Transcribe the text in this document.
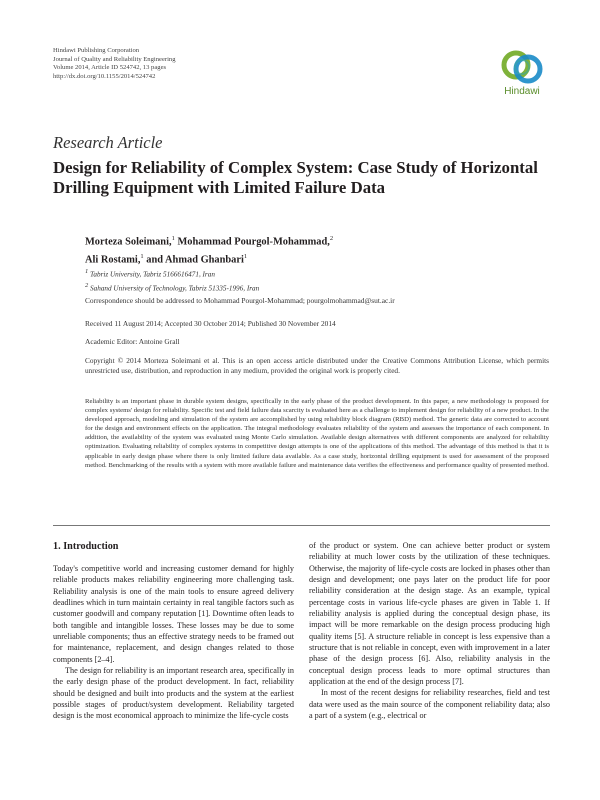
Hindawi Publishing Corporation
Journal of Quality and Reliability Engineering
Volume 2014, Article ID 524742, 13 pages
http://dx.doi.org/10.1155/2014/524742
Hindawi
Research Article
Design for Reliability of Complex System: Case Study of Horizontal Drilling Equipment with Limited Failure Data
Morteza Soleimani,$^1$ Mohammad Pourgol-Mohammad,$^2$
Ali Rostami,$^1$ and Ahmad Ghanbari$^1$
$^1$ Tabriz University, Tabriz 5166616471, Iran
$^2$ Sahand University of Technology, Tabriz 51335-1996, Iran
Correspondence should be addressed to Mohammad Pourgol-Mohammad; pourgolmohammad@sut.ac.ir
Received 11 August 2014; Accepted 30 October 2014; Published 30 November 2014
Academic Editor: Antoine Grall
Copyright © 2014 Morteza Soleimani et al. This is an open access article distributed under the Creative Commons Attribution License, which permits unrestricted use, distribution, and reproduction in any medium, provided the original work is properly cited.
Reliability is an important phase in durable system designs, specifically in the early phase of the product development. In this paper, a new methodology is proposed for complex systems' design for reliability. Specific test and field failure data scarcity is evaluated here as a challenge to implement design for reliability of a new product. In the developed approach, modeling and simulation of the system are accomplished by using reliability block diagram (RBD) method. The generic data are corrected to account for the design and environment effects on the application. The integral methodology evaluates reliability of the system and assesses the importance of each component. In addition, the availability of the system was evaluated using Monte Carlo simulation. Available design alternatives with different components are analyzed for reliability optimization. Evaluating reliability of complex systems in competitive design attempts is one of the applications of this method. The advantage of this method is that it is applicable in early design phase where there is only limited failure data available. As a case study, horizontal drilling equipment is used for assessment of the proposed method. Benchmarking of the results with a system with more available failure and maintenance data verifies the effectiveness and performance quality of presented method.
1. Introduction

Today's competitive world and increasing customer demand for highly reliable products makes reliability engineering more challenging task. Reliability analysis is one of the main tools to ensure agreed delivery deadlines which in turn maintain certainty in real tangible factors such as customer goodwill and company reputation [1]. Downtime often leads to both tangible and intangible losses. These losses may be due to some unreliable components; thus an effective strategy needs to be framed out for maintenance, replacement, and design changes related to those components [2–4].

The design for reliability is an important research area, specifically in the early design phase of the product development. In fact, reliability should be designed and built into products and the system at the earliest possible stages of product/system development. Reliability targeted design is the most economical approach to minimize the life-cycle costs

of the product or system. One can achieve better product or system reliability at much lower costs by the utilization of these techniques. Otherwise, the majority of life-cycle costs are locked in phases other than design and development; one pays later on the product life for poor reliability consideration at the design stage. As an example, typical percentage costs in various life-cycle phases are given in Table 1. If reliability analysis is applied during the conceptual design phase, its impact will be more remarkable on the design process producing high quality items [5]. A structure reliable in concept is less expensive than a structure that is not reliable in concept, even with improvement in a later phase of the design process [6]. Also, reliability analysis in the conceptual design process leads to more optimal structures than application at the end of the design process [7].

In most of the recent designs for reliability researches, field and test data were used as the main source of the component reliability data; also a part of a system (e.g., electrical or
